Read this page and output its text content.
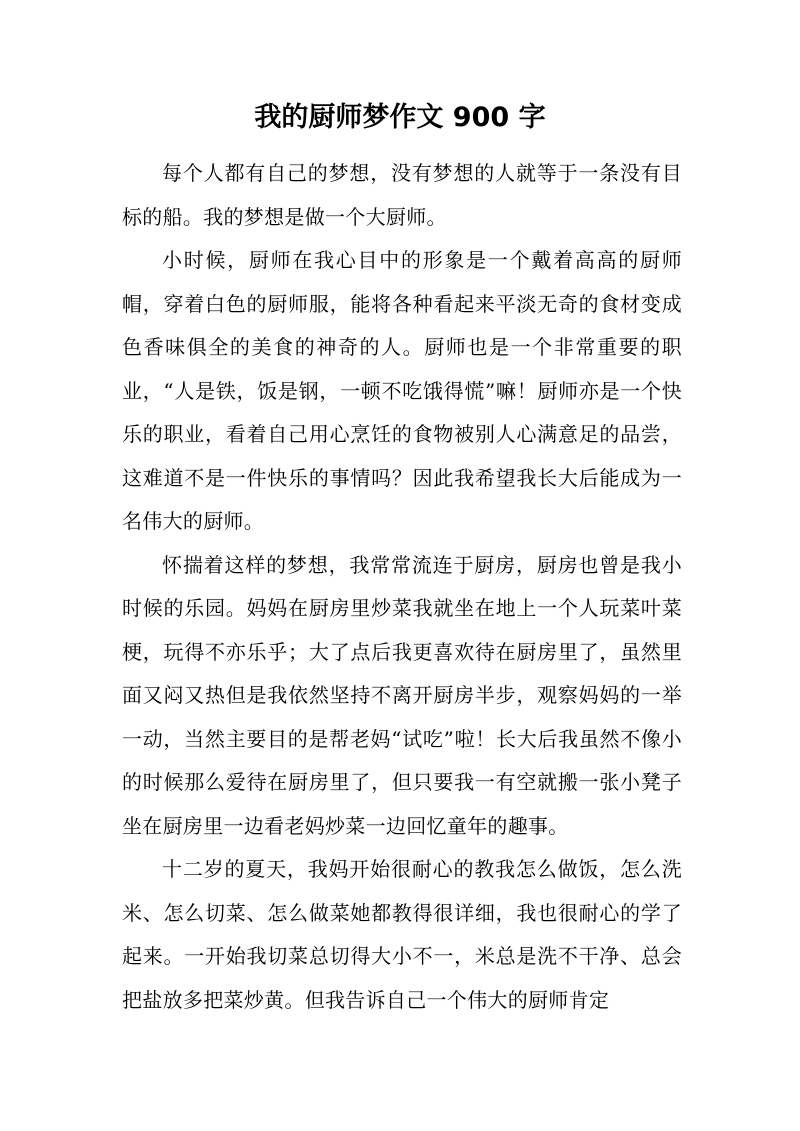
我的厨师梦作文 900 字

每个人都有自己的梦想，没有梦想的人就等于一条没有目标的船。我的梦想是做一个大厨师。

小时候，厨师在我心目中的形象是一个戴着高高的厨师帽，穿着白色的厨师服，能将各种看起来平淡无奇的食材变成色香味俱全的美食的神奇的人。厨师也是一个非常重要的职业，“人是铁，饭是钢，一顿不吃饿得慌”嘛！厨师亦是一个快乐的职业，看着自己用心烹饪的食物被别人心满意足的品尝，这难道不是一件快乐的事情吗？因此我希望我长大后能成为一名伟大的厨师。

怀揣着这样的梦想，我常常流连于厨房，厨房也曾是我小时候的乐园。妈妈在厨房里炒菜我就坐在地上一个人玩菜叶菜梗，玩得不亦乐乎；大了点后我更喜欢待在厨房里了，虽然里面又闷又热但是我依然坚持不离开厨房半步，观察妈妈的一举一动，当然主要目的是帮老妈“试吃”啦！长大后我虽然不像小的时候那么爱待在厨房里了，但只要我一有空就搬一张小凳子坐在厨房里一边看老妈炒菜一边回忆童年的趣事。

十二岁的夏天，我妈开始很耐心的教我怎么做饭，怎么洗米、怎么切菜、怎么做菜她都教得很详细，我也很耐心的学了起来。一开始我切菜总切得大小不一，米总是洗不干净、总会把盐放多把菜炒黄。但我告诉自己一个伟大的厨师肯定
